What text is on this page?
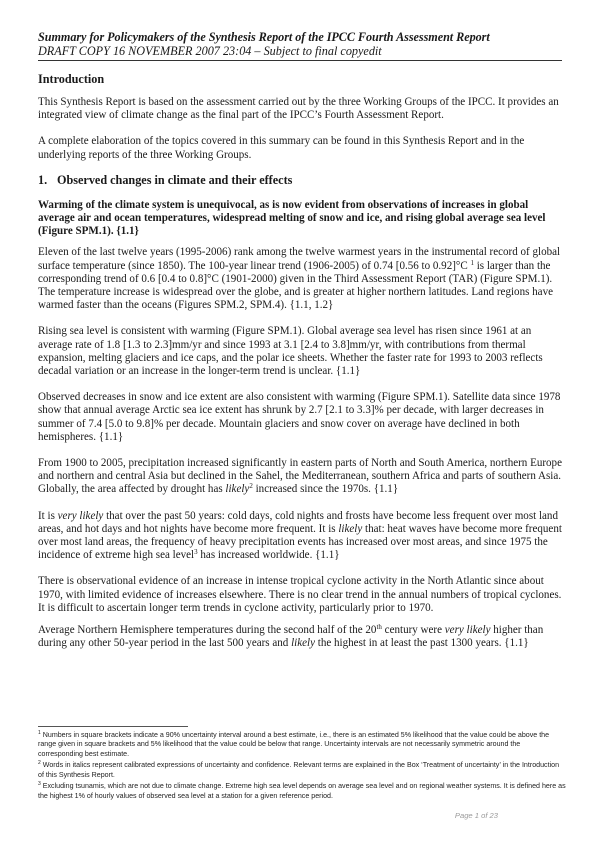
Summary for Policymakers of the Synthesis Report of the IPCC Fourth Assessment Report
DRAFT COPY 16 NOVEMBER 2007 23:04 – Subject to final copyedit
Introduction

This Synthesis Report is based on the assessment carried out by the three Working Groups of the IPCC. It provides an integrated view of climate change as the final part of the IPCC’s Fourth Assessment Report.

A complete elaboration of the topics covered in this summary can be found in this Synthesis Report and in the underlying reports of the three Working Groups.

1. Observed changes in climate and their effects

Warming of the climate system is unequivocal, as is now evident from observations of increases in global average air and ocean temperatures, widespread melting of snow and ice, and rising global average sea level (Figure SPM.1). {1.1}

Eleven of the last twelve years (1995-2006) rank among the twelve warmest years in the instrumental record of global surface temperature (since 1850). The 100-year linear trend (1906-2005) of 0.74 [0.56 to 0.92]°C $^1$ is larger than the corresponding trend of 0.6 [0.4 to 0.8]°C (1901-2000) given in the Third Assessment Report (TAR) (Figure SPM.1). The temperature increase is widespread over the globe, and is greater at higher northern latitudes. Land regions have warmed faster than the oceans (Figures SPM.2, SPM.4). {1.1, 1.2}

Rising sea level is consistent with warming (Figure SPM.1). Global average sea level has risen since 1961 at an average rate of 1.8 [1.3 to 2.3]mm/yr and since 1993 at 3.1 [2.4 to 3.8]mm/yr, with contributions from thermal expansion, melting glaciers and ice caps, and the polar ice sheets. Whether the faster rate for 1993 to 2003 reflects decadal variation or an increase in the longer-term trend is unclear. {1.1}

Observed decreases in snow and ice extent are also consistent with warming (Figure SPM.1). Satellite data since 1978 show that annual average Arctic sea ice extent has shrunk by 2.7 [2.1 to 3.3]% per decade, with larger decreases in summer of 7.4 [5.0 to 9.8]% per decade. Mountain glaciers and snow cover on average have declined in both hemispheres. {1.1}

From 1900 to 2005, precipitation increased significantly in eastern parts of North and South America, northern Europe and northern and central Asia but declined in the Sahel, the Mediterranean, southern Africa and parts of southern Asia. Globally, the area affected by drought has likely$^2$ increased since the 1970s. {1.1}

It is very likely that over the past 50 years: cold days, cold nights and frosts have become less frequent over most land areas, and hot days and hot nights have become more frequent. It is likely that: heat waves have become more frequent over most land areas, the frequency of heavy precipitation events has increased over most areas, and since 1975 the incidence of extreme high sea level$^3$ has increased worldwide. {1.1}

There is observational evidence of an increase in intense tropical cyclone activity in the North Atlantic since about 1970, with limited evidence of increases elsewhere. There is no clear trend in the annual numbers of tropical cyclones. It is difficult to ascertain longer term trends in cyclone activity, particularly prior to 1970.

Average Northern Hemisphere temperatures during the second half of the 20th century were very likely higher than during any other 50-year period in the last 500 years and likely the highest in at least the past 1300 years. {1.1}

$^1$ Numbers in square brackets indicate a 90% uncertainty interval around a best estimate, i.e., there is an estimated 5% likelihood that the value could be above the range given in square brackets and 5% likelihood that the value could be below that range. Uncertainty intervals are not necessarily symmetric around the corresponding best estimate.
$^2$ Words in italics represent calibrated expressions of uncertainty and confidence. Relevant terms are explained in the Box ‘Treatment of uncertainty’ in the Introduction of this Synthesis Report.
$^3$ Excluding tsunamis, which are not due to climate change. Extreme high sea level depends on average sea level and on regional weather systems. It is defined here as the highest 1% of hourly values of observed sea level at a station for a given reference period.
Page 1 of 23
